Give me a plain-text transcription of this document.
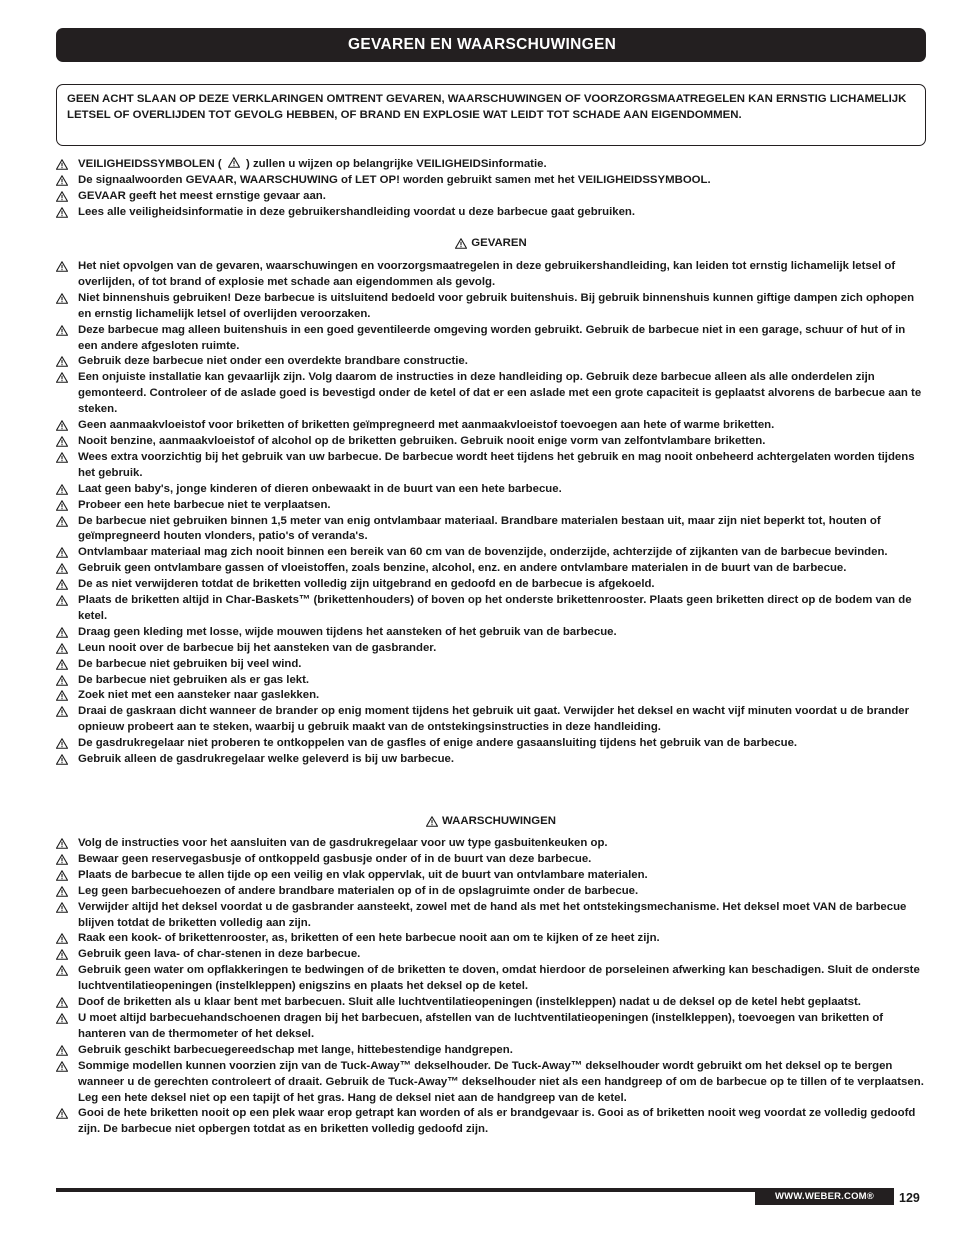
GEVAREN EN WAARSCHUWINGEN
GEEN ACHT SLAAN OP DEZE VERKLARINGEN OMTRENT GEVAREN, WAARSCHUWINGEN OF VOORZORGSMAATREGELEN KAN ERNSTIG LICHAMELIJK LETSEL OF OVERLIJDEN TOT GEVOLG HEBBEN, OF BRAND EN EXPLOSIE WAT LEIDT TOT SCHADE AAN EIGENDOMMEN.
VEILIGHEIDSSYMBOLEN ( ) zullen u wijzen op belangrijke VEILIGHEIDSinformatie.
De signaalwoorden GEVAAR, WAARSCHUWING of LET OP! worden gebruikt samen met het VEILIGHEIDSSYMBOOL.
GEVAAR geeft het meest ernstige gevaar aan.
Lees alle veiligheidsinformatie in deze gebruikershandleiding voordat u deze barbecue gaat gebruiken.
GEVAREN
Het niet opvolgen van de gevaren, waarschuwingen en voorzorgsmaatregelen in deze gebruikershandleiding, kan leiden tot ernstig lichamelijk letsel of overlijden, of tot brand of explosie met schade aan eigendommen als gevolg.
Niet binnenshuis gebruiken! Deze barbecue is uitsluitend bedoeld voor gebruik buitenshuis. Bij gebruik binnenshuis kunnen giftige dampen zich ophopen en ernstig lichamelijk letsel of overlijden veroorzaken.
Deze barbecue mag alleen buitenshuis in een goed geventileerde omgeving worden gebruikt. Gebruik de barbecue niet in een garage, schuur of hut of in een andere afgesloten ruimte.
Gebruik deze barbecue niet onder een overdekte brandbare constructie.
Een onjuiste installatie kan gevaarlijk zijn. Volg daarom de instructies in deze handleiding op. Gebruik deze barbecue alleen als alle onderdelen zijn gemonteerd. Controleer of de aslade goed is bevestigd onder de ketel of dat er een aslade met een grote capaciteit is geplaatst alvorens de barbecue aan te steken.
Geen aanmaakvloeistof voor briketten of briketten geïmpregneerd met aanmaakvloeistof toevoegen aan hete of warme briketten.
Nooit benzine, aanmaakvloeistof of alcohol op de briketten gebruiken. Gebruik nooit enige vorm van zelfontvlambare briketten.
Wees extra voorzichtig bij het gebruik van uw barbecue. De barbecue wordt heet tijdens het gebruik en mag nooit onbeheerd achtergelaten worden tijdens het gebruik.
Laat geen baby's, jonge kinderen of dieren onbewaakt in de buurt van een hete barbecue.
Probeer een hete barbecue niet te verplaatsen.
De barbecue niet gebruiken binnen 1,5 meter van enig ontvlambaar materiaal. Brandbare materialen bestaan uit, maar zijn niet beperkt tot, houten of geïmpregneerd houten vlonders, patio's of veranda's.
Ontvlambaar materiaal mag zich nooit binnen een bereik van 60 cm van de bovenzijde, onderzijde, achterzijde of zijkanten van de barbecue bevinden.
Gebruik geen ontvlambare gassen of vloeistoffen, zoals benzine, alcohol, enz. en andere ontvlambare materialen in de buurt van de barbecue.
De as niet verwijderen totdat de briketten volledig zijn uitgebrand en gedoofd en de barbecue is afgekoeld.
Plaats de briketten altijd in Char-Baskets™ (brikettenhouders) of boven op het onderste brikettenrooster. Plaats geen briketten direct op de bodem van de ketel.
Draag geen kleding met losse, wijde mouwen tijdens het aansteken of het gebruik van de barbecue.
Leun nooit over de barbecue bij het aansteken van de gasbrander.
De barbecue niet gebruiken bij veel wind.
De barbecue niet gebruiken als er gas lekt.
Zoek niet met een aansteker naar gaslekken.
Draai de gaskraan dicht wanneer de brander op enig moment tijdens het gebruik uit gaat. Verwijder het deksel en wacht vijf minuten voordat u de brander opnieuw probeert aan te steken, waarbij u gebruik maakt van de ontstekingsinstructies in deze handleiding.
De gasdrukregelaar niet proberen te ontkoppelen van de gasfles of enige andere gasaansluiting tijdens het gebruik van de barbecue.
Gebruik alleen de gasdrukregelaar welke geleverd is bij uw barbecue.
WAARSCHUWINGEN
Volg de instructies voor het aansluiten van de gasdrukregelaar voor uw type gasbuitenkeuken op.
Bewaar geen reservegasbusje of ontkoppeld gasbusje onder of in de buurt van deze barbecue.
Plaats de barbecue te allen tijde op een veilig en vlak oppervlak, uit de buurt van ontvlambare materialen.
Leg geen barbecuehoezen of andere brandbare materialen op of in de opslagruimte onder de barbecue.
Verwijder altijd het deksel voordat u de gasbrander aansteekt, zowel met de hand als met het ontstekingsmechanisme. Het deksel moet VAN de barbecue blijven totdat de briketten volledig aan zijn.
Raak een kook- of brikettenrooster, as, briketten of een hete barbecue nooit aan om te kijken of ze heet zijn.
Gebruik geen lava- of char-stenen in deze barbecue.
Gebruik geen water om opflakkeringen te bedwingen of de briketten te doven, omdat hierdoor de porseleinen afwerking kan beschadigen. Sluit de onderste luchtventilatieopeningen (instelkleppen) enigszins en plaats het deksel op de ketel.
Doof de briketten als u klaar bent met barbecuen. Sluit alle luchtventilatieopeningen (instelkleppen) nadat u de deksel op de ketel hebt geplaatst.
U moet altijd barbecuehandschoenen dragen bij het barbecuen, afstellen van de luchtventilatieopeningen (instelkleppen), toevoegen van briketten of hanteren van de thermometer of het deksel.
Gebruik geschikt barbecuegereedschap met lange, hittebestendige handgrepen.
Sommige modellen kunnen voorzien zijn van de Tuck-Away™ dekselhouder. De Tuck-Away™ dekselhouder wordt gebruikt om het deksel op te bergen wanneer u de gerechten controleert of draait. Gebruik de Tuck-Away™ dekselhouder niet als een handgreep of om de barbecue op te tillen of te verplaatsen. Leg een hete deksel niet op een tapijt of het gras. Hang de deksel niet aan de handgreep van de ketel.
Gooi de hete briketten nooit op een plek waar erop getrapt kan worden of als er brandgevaar is. Gooi as of briketten nooit weg voordat ze volledig gedoofd zijn. De barbecue niet opbergen totdat as en briketten volledig gedoofd zijn.
WWW.WEBER.COM®	129
